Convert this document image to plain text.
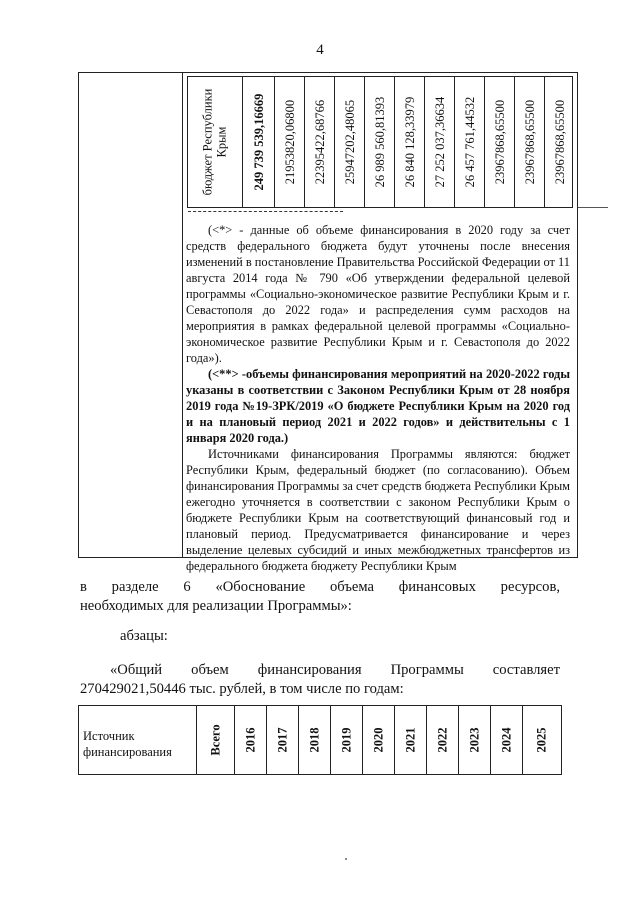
4
бюджет Республики
Крым 249 739 539,16669 21953820,06800 22395422,68766 25947202,48065 26 989 560,81393 26 840 128,33979 27 252 037,36634 26 457 761,44532 23967868,65500 23967868,65500 23967868,65500

(<*> - данные об объеме финансирования в 2020 году за счет средств федерального бюджета будут уточнены после внесения изменений в постановление Правительства Российской Федерации от 11 августа 2014 года № 790 «Об утверждении федеральной целевой программы «Социально-экономическое развитие Республики Крым и г. Севастополя до 2022 года» и распределения сумм расходов на мероприятия в рамках федеральной целевой программы «Социально-экономическое развитие Республики Крым и г. Севастополя до 2022 года»).

(<**> -объемы финансирования мероприятий на 2020-2022 годы указаны в соответствии с Законом Республики Крым от 28 ноября 2019 года №19-ЗРК/2019 «О бюджете Республики Крым на 2020 год и на плановый период 2021 и 2022 годов» и действительны с 1 января 2020 года.)

Источниками финансирования Программы являются: бюджет Республики Крым, федеральный бюджет (по согласованию). Объем финансирования Программы за счет средств бюджета Республики Крым ежегодно уточняется в соответствии с законом Республики Крым о бюджете Республики Крым на соответствующий финансовый год и плановый период. Предусматривается финансирование и через выделение целевых субсидий и иных межбюджетных трансфертов из федерального бюджета бюджету Республики Крым

в разделе 6 «Обоснование объема финансовых ресурсов,
необходимых для реализации Программы»:
абзацы:
«Общий объем финансирования Программы составляет
270429021,50446 тыс. рублей, в том числе по годам:
Источник финансирования	Всего 2016 2017 2018 2019 2020 2021 2022 2023 2024 2025
